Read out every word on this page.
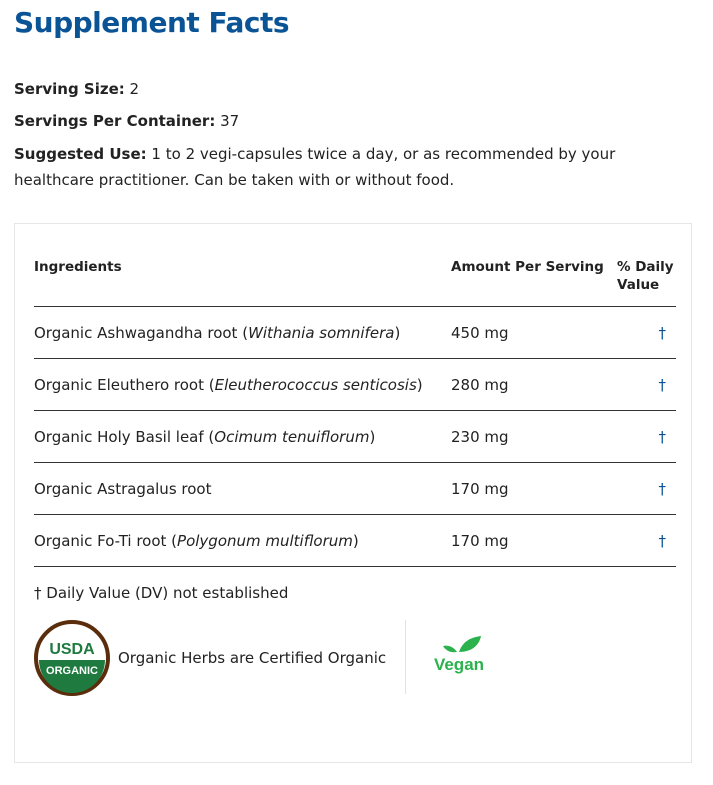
Supplement Facts
Serving Size: 2
Servings Per Container: 37
Suggested Use: 1 to 2 vegi-capsules twice a day, or as recommended by your healthcare practitioner. Can be taken with or without food.
Ingredients	Amount Per Serving	% Daily Value
Organic Ashwagandha root (Withania somnifera)	450 mg	†
Organic Eleuthero root (Eleutherococcus senticosis)	280 mg	†
Organic Holy Basil leaf (Ocimum tenuiflorum)	230 mg	†
Organic Astragalus root	170 mg	†
Organic Fo-Ti root (Polygonum multiflorum)	170 mg	†
† Daily Value (DV) not established
USDA
ORGANIC
Organic Herbs are Certified Organic	Vegan
